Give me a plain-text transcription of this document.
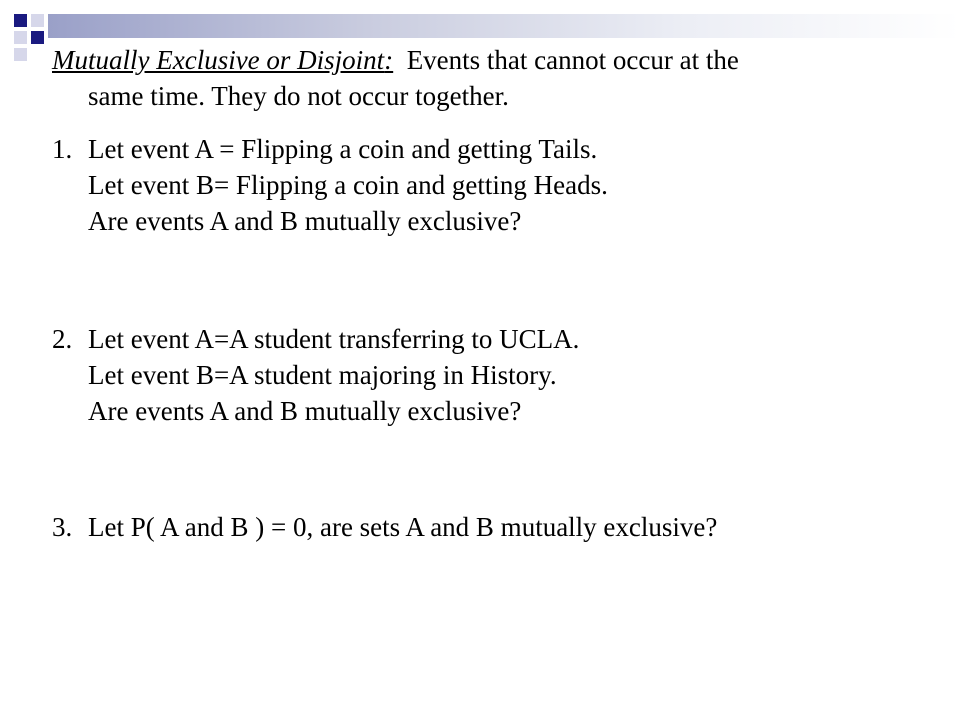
Mutually Exclusive or Disjoint:  Events that cannot occur at the
same time. They do not occur together.
1. Let event A = Flipping a coin and getting Tails.
Let event B= Flipping a coin and getting Heads.
Are events A and B mutually exclusive?
2. Let event A=A student transferring to UCLA.
Let event B=A student majoring in History.
Are events A and B mutually exclusive?
3. Let P( A and B ) = 0, are sets A and B mutually exclusive?
